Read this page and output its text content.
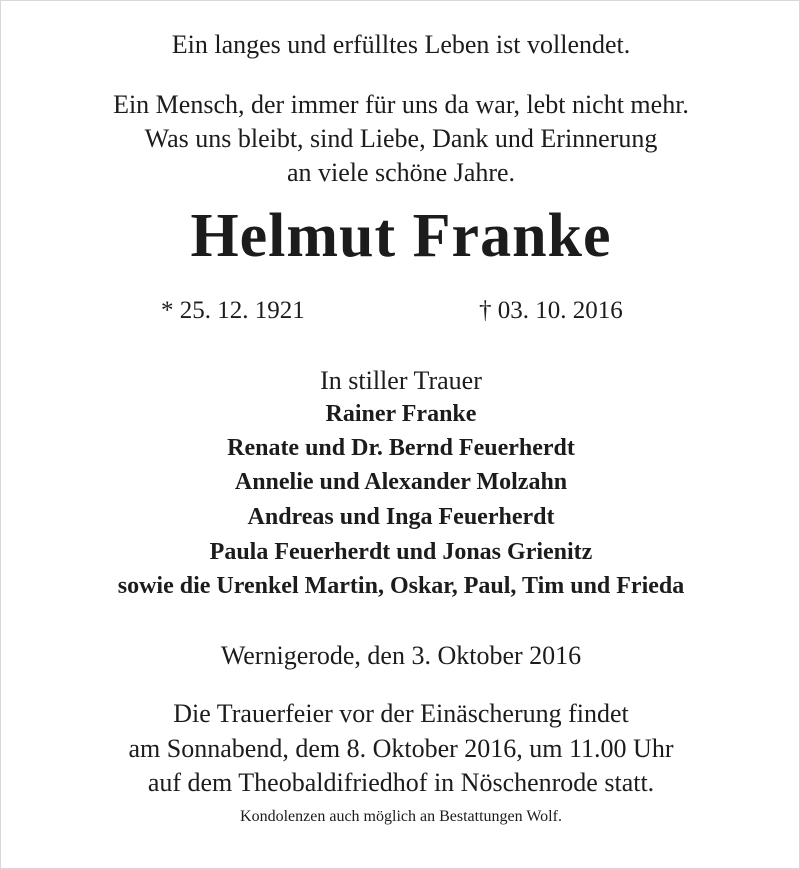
Ein langes und erfülltes Leben ist vollendet.
Ein Mensch, der immer für uns da war, lebt nicht mehr.
Was uns bleibt, sind Liebe, Dank und Erinnerung
an viele schöne Jahre.
Helmut Franke
* 25. 12. 1921	† 03. 10. 2016
In stiller Trauer
Rainer Franke
Renate und Dr. Bernd Feuerherdt
Annelie und Alexander Molzahn
Andreas und Inga Feuerherdt
Paula Feuerherdt und Jonas Grienitz
sowie die Urenkel Martin, Oskar, Paul, Tim und Frieda
Wernigerode, den 3. Oktober 2016
Die Trauerfeier vor der Einäscherung findet
am Sonnabend, dem 8. Oktober 2016, um 11.00 Uhr
auf dem Theobaldifriedhof in Nöschenrode statt.
Kondolenzen auch möglich an Bestattungen Wolf.
